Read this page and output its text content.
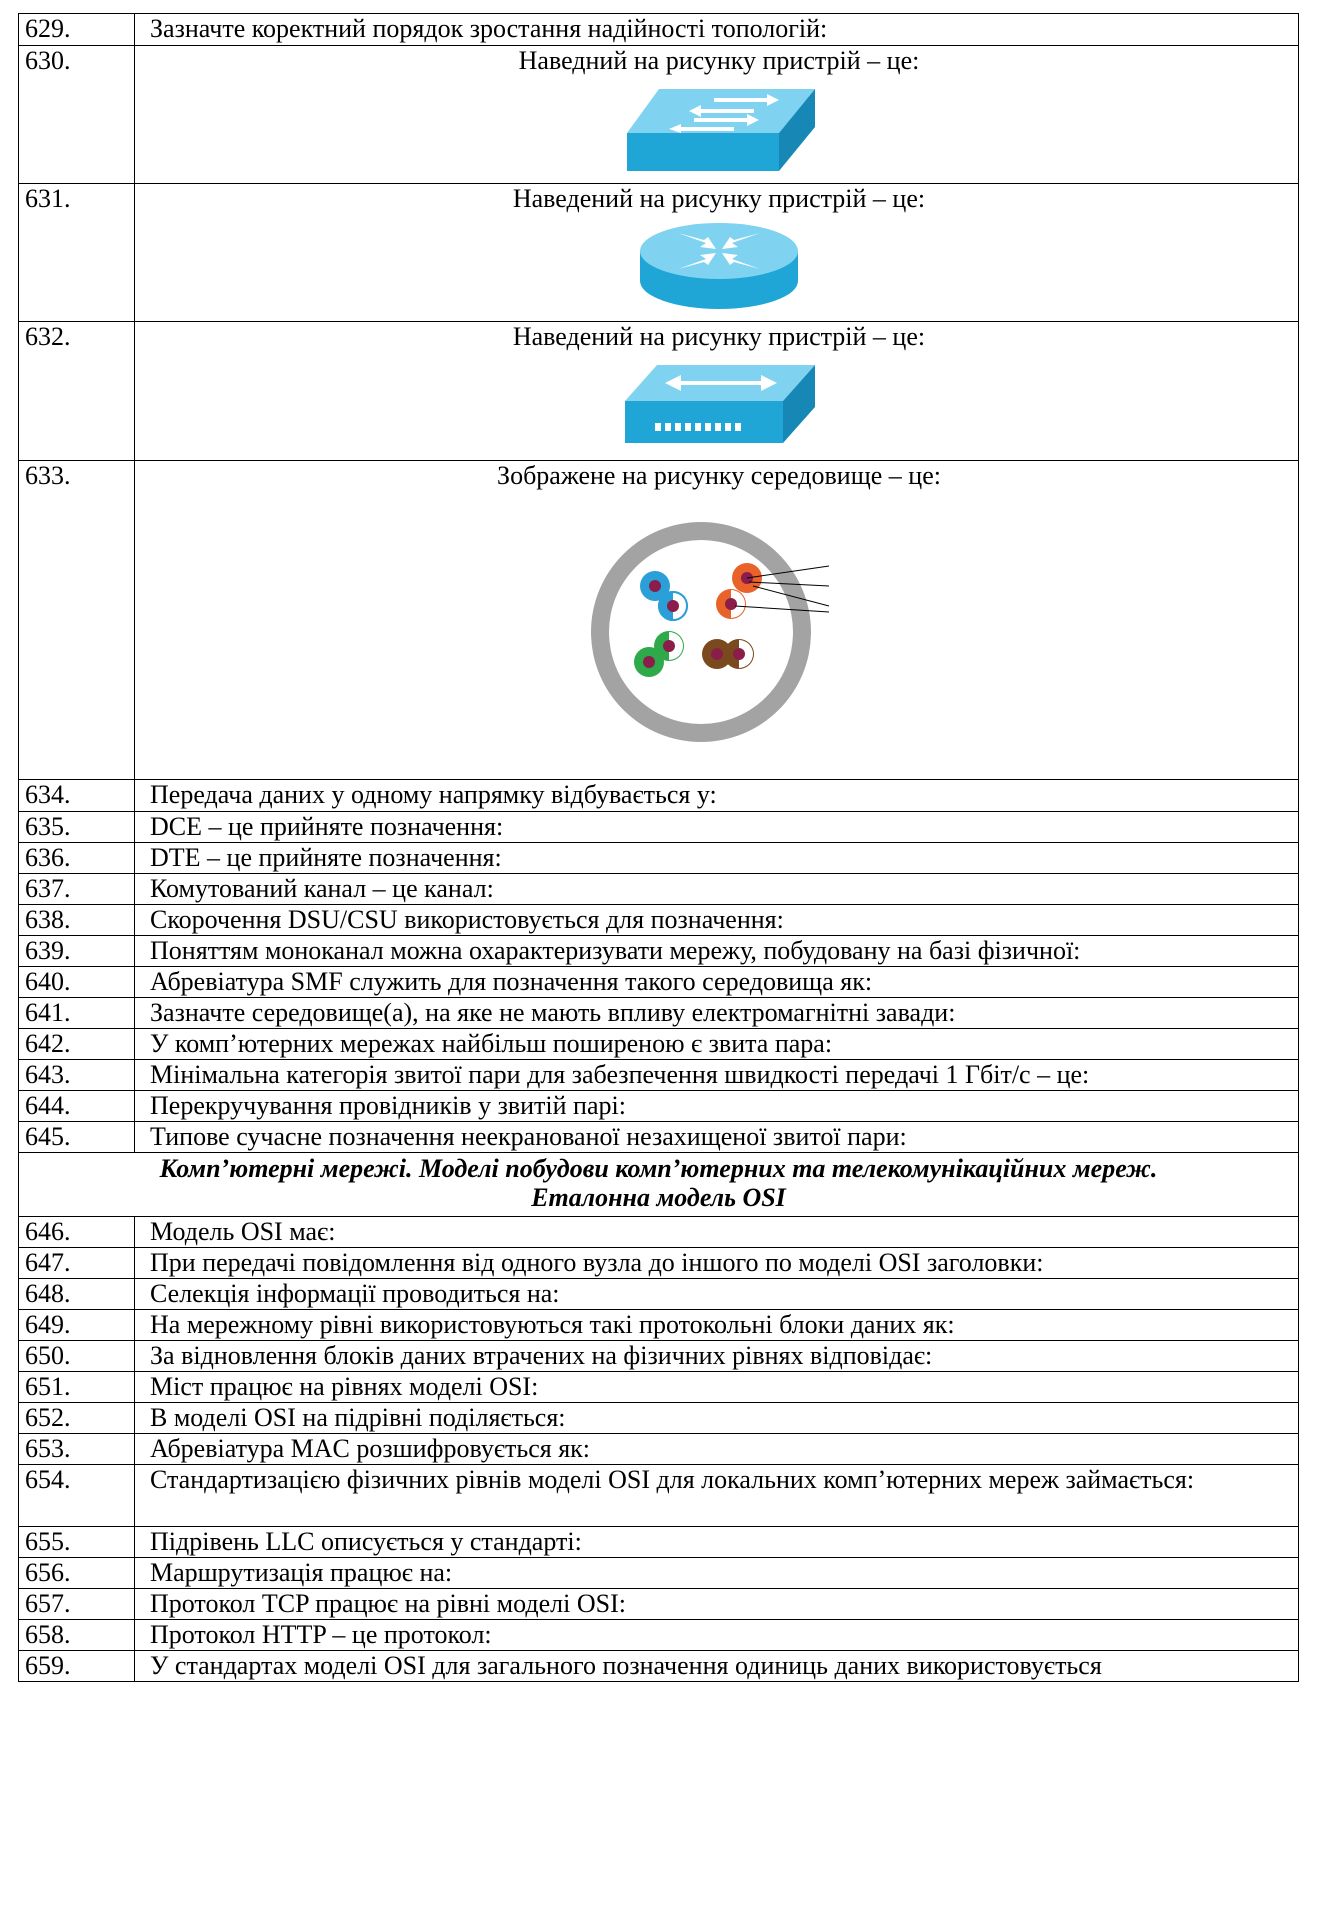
629.	Зазначте коректний порядок зростання надійності топологій:
630.	Наведний на рисунку пристрій – це:

631.	Наведений на рисунку пристрій – це:

632.	Наведений на рисунку пристрій – це:

633.	Зображене на рисунку середовище – це:

634.	Передача даних у одному напрямку відбувається у:
635.	DCE – це прийняте позначення:
636.	DTE – це прийняте позначення:
637.	Комутований канал – це канал:
638.	Скорочення DSU/CSU використовується для позначення:
639.	Поняттям моноканал можна охарактеризувати мережу, побудовану на базі фізичної:
640.	Абревіатура SMF служить для позначення такого середовища як:
641.	Зазначте середовище(а), на яке не мають впливу електромагнітні завади:
642.	У комп’ютерних мережах найбільш поширеною є звита пара:
643.	Мінімальна категорія звитої пари для забезпечення швидкості передачі 1 Гбіт/с – це:
644.	Перекручування провідників у звитій парі:
645.	Типове сучасне позначення неекранованої незахищеної звитої пари:

Комп’ютерні мережі. Моделі побудови комп’ютерних та телекомунікаційних мереж.
Еталонна модель OSI	

646.	Модель OSI має:
647.	При передачі повідомлення від одного вузла до іншого по моделі OSI заголовки:
648.	Селекція інформації проводиться на:
649.	На мережному рівні використовуються такі протокольні блоки даних як:
650.	За відновлення блоків даних втрачених на фізичних рівнях відповідає:
651.	Міст працює на рівнях моделі OSI:
652.	В моделі OSI на підрівні поділяється:
653.	Абревіатура MAC розшифровується як:
654.	Стандартизацією фізичних рівнів моделі OSI для локальних комп’ютерних мереж займається:
655.	Підрівень LLC описується у стандарті:
656.	Маршрутизація працює на:
657.	Протокол TCP працює на рівні моделі OSI:
658.	Протокол HTTP – це протокол:
659.	У стандартах моделі OSI для загального позначення одиниць даних використовується
